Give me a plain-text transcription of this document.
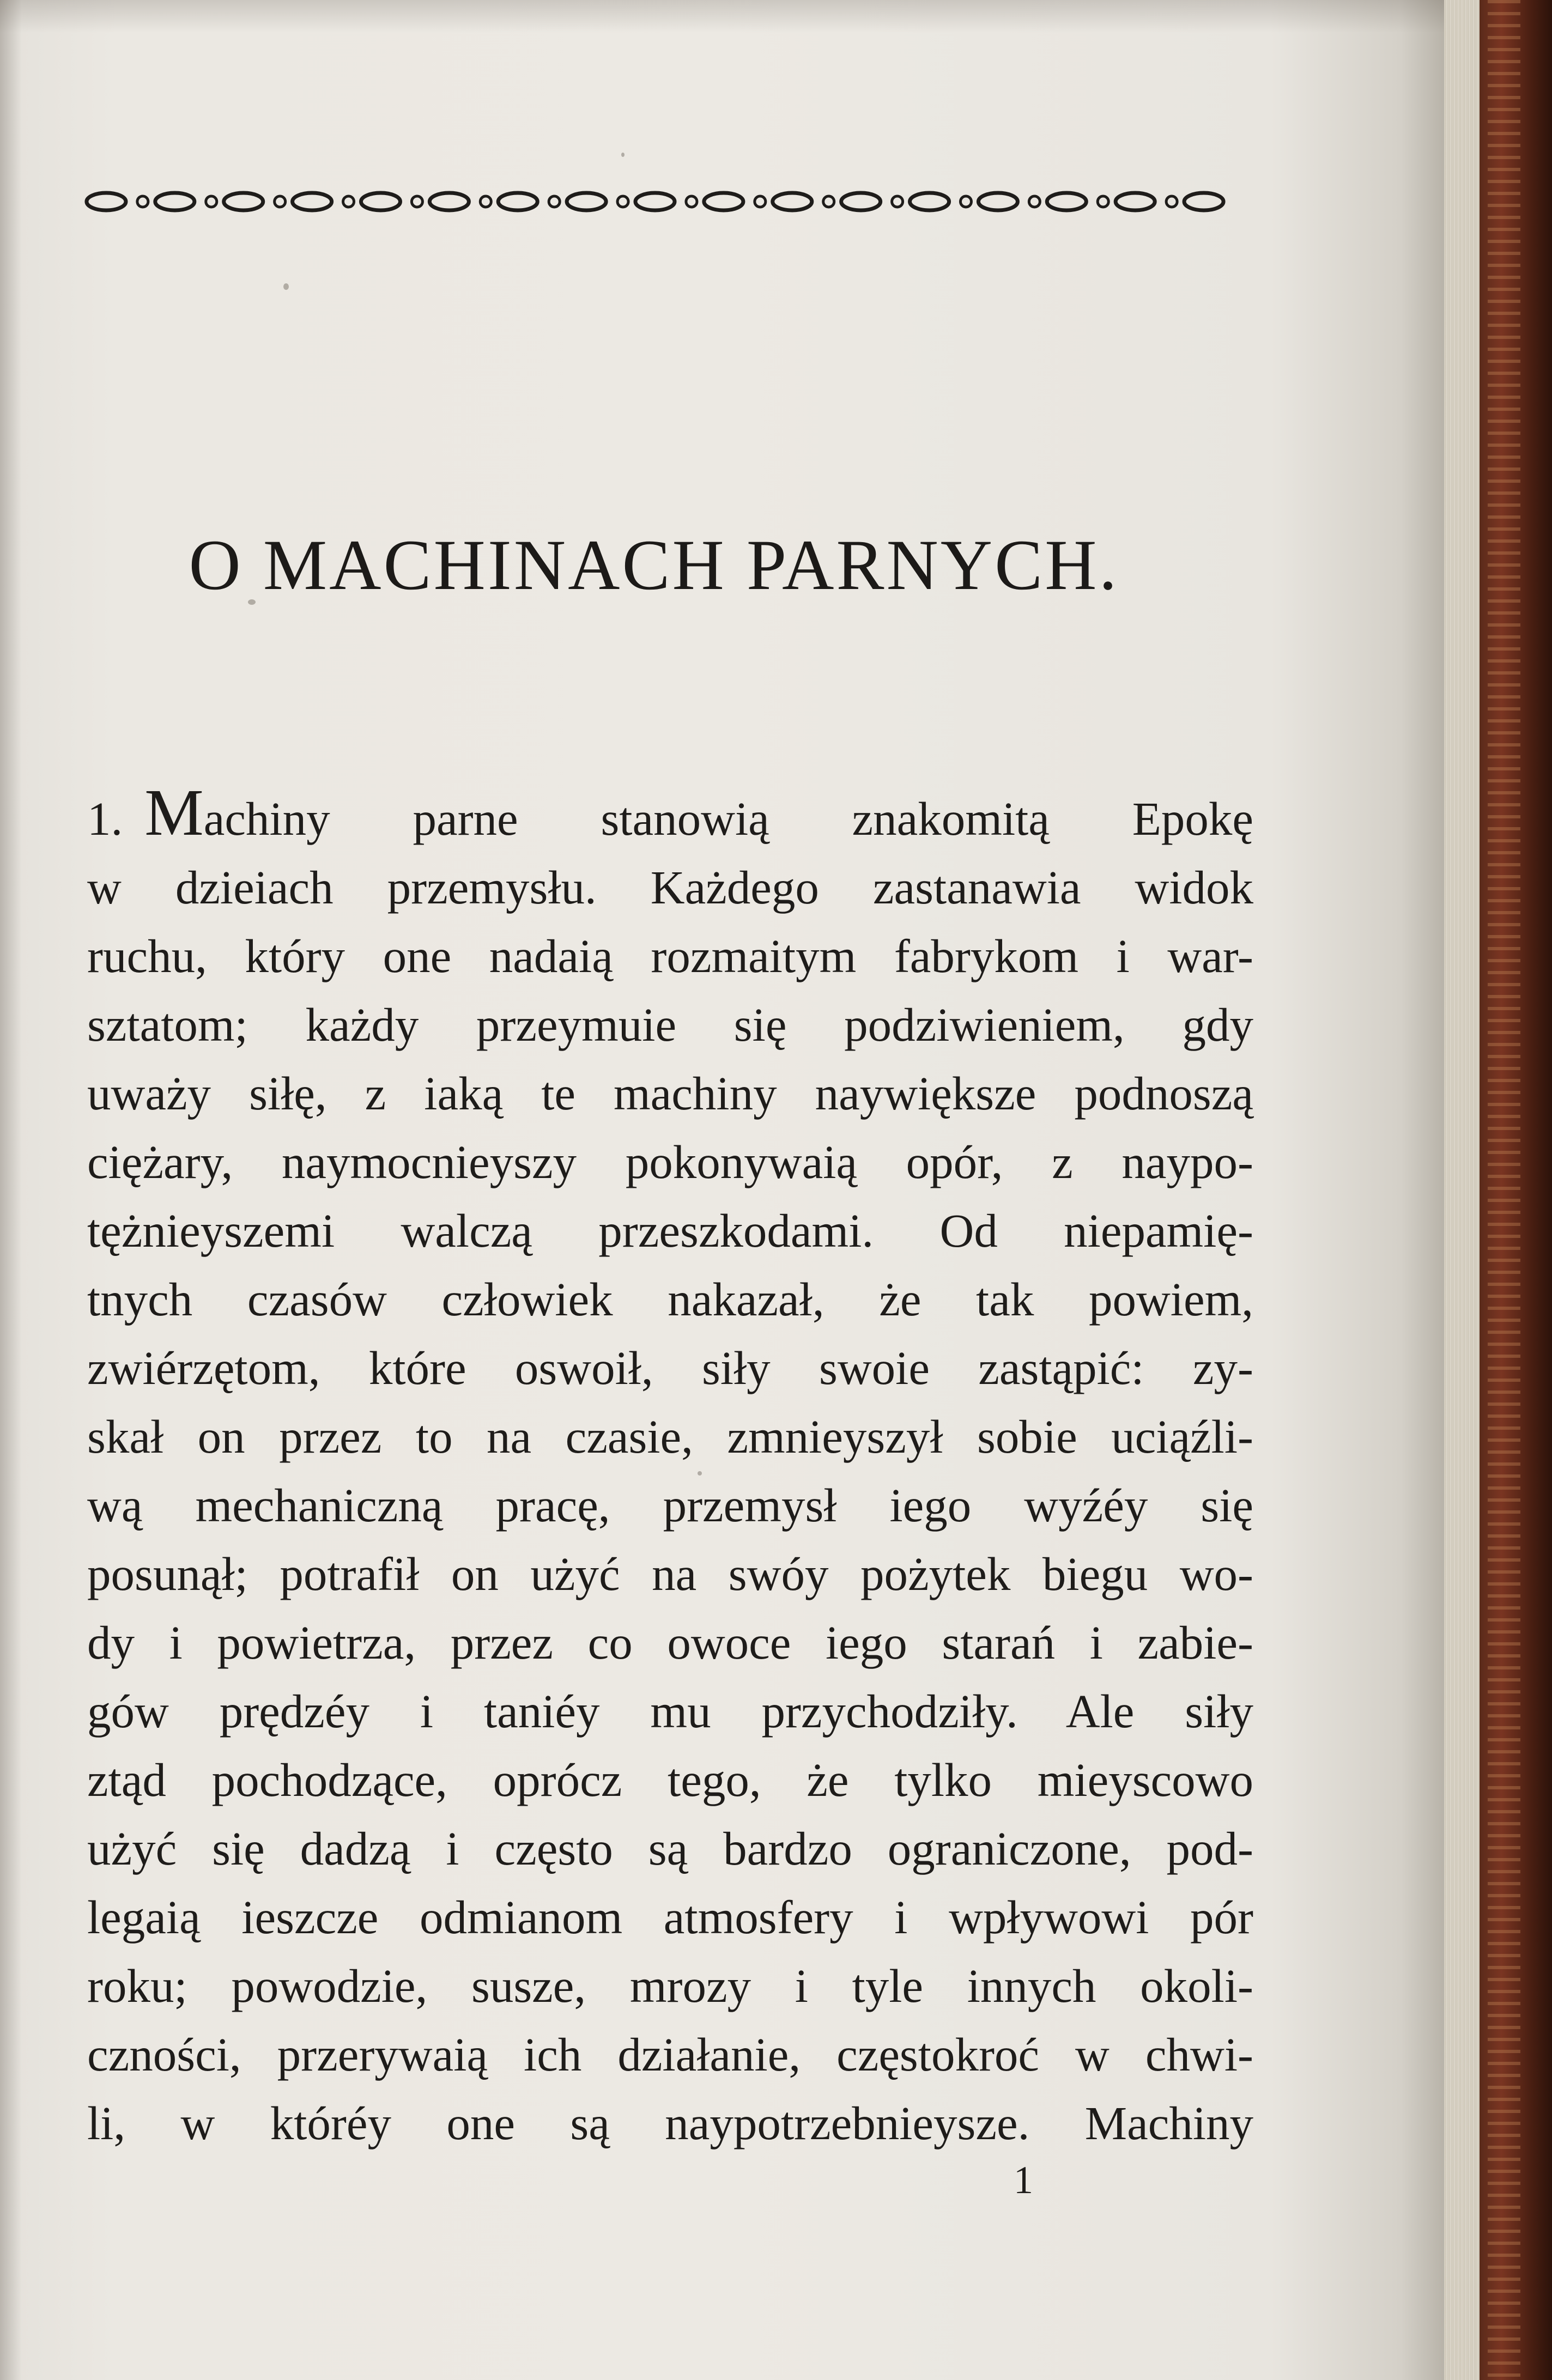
O MACHINACH PARNYCH.
1. Machiny parne stanowią znakomitą Epokę
w dzieiach przemysłu. Każdego zastanawia widok
ruchu, który one nadaią rozmaitym fabrykom i war-
sztatom; każdy przeymuie się podziwieniem, gdy
uważy siłę, z iaką te machiny naywiększe podnoszą
ciężary, naymocnieyszy pokonywaią opór, z naypo-
tężnieyszemi walczą przeszkodami. Od niepamię-
tnych czasów człowiek nakazał, że tak powiem,
zwiérzętom, które oswoił, siły swoie zastąpić: zy-
skał on przez to na czasie, zmnieyszył sobie uciąźli-
wą mechaniczną pracę, przemysł iego wyźéy się
posunął; potrafił on użyć na swóy pożytek biegu wo-
dy i powietrza, przez co owoce iego starań i zabie-
gów prędzéy i taniéy mu przychodziły. Ale siły
ztąd pochodzące, oprócz tego, że tylko mieyscowo
użyć się dadzą i często są bardzo ograniczone, pod-
legaią ieszcze odmianom atmosfery i wpływowi pór
roku; powodzie, susze, mrozy i tyle innych okoli-
czności, przerywaią ich działanie, częstokroć w chwi-
li, w któréy one są naypotrzebnieysze. Machiny
1
